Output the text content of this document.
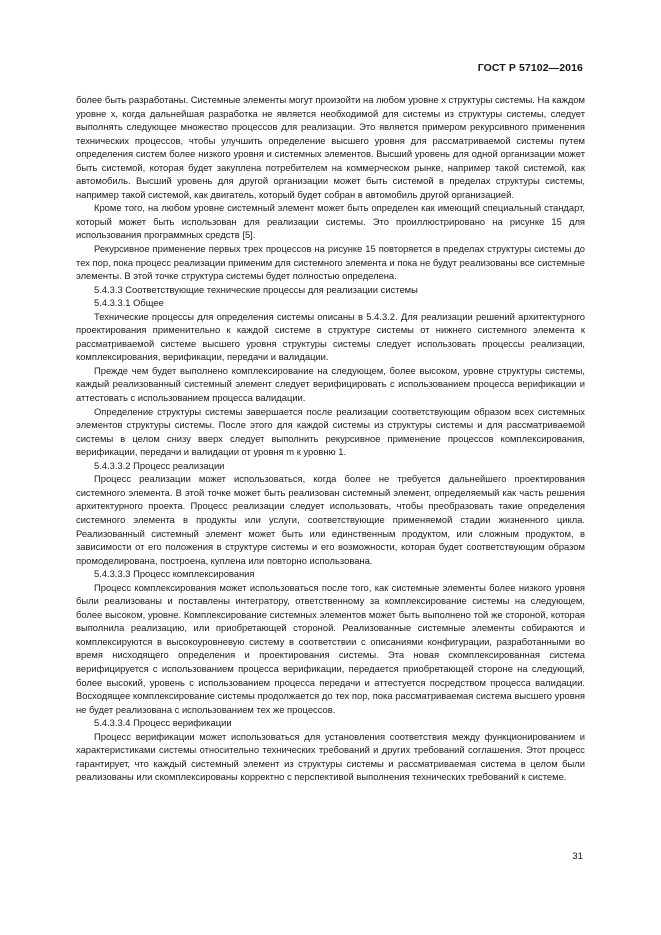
ГОСТ Р 57102—2016

более быть разработаны. Системные элементы могут произойти на любом уровне x структуры системы. На каждом уровне x, когда дальнейшая разработка не является необходимой для системы из структуры системы, следует выполнять следующее множество процессов для реализации. Это является примером рекурсивного применения технических процессов, чтобы улучшить определение высшего уровня для рассматриваемой системы путем определения систем более низкого уровня и системных элементов. Высший уровень для одной организации может быть системой, которая будет закуплена потребителем на коммерческом рынке, например такой системой, как автомобиль. Высший уровень для другой организации может быть системой в пределах структуры системы, например такой системой, как двигатель, который будет собран в автомобиль другой организацией.

Кроме того, на любом уровне системный элемент может быть определен как имеющий специальный стандарт, который может быть использован для реализации системы. Это проиллюстрировано на рисунке 15 для использования программных средств [5].

Рекурсивное применение первых трех процессов на рисунке 15 повторяется в пределах структуры системы до тех пор, пока процесс реализации применим для системного элемента и пока не будут реализованы все системные элементы. В этой точке структура системы будет полностью определена.

5.4.3.3 Соответствующие технические процессы для реализации системы

5.4.3.3.1 Общее

Технические процессы для определения системы описаны в 5.4.3.2. Для реализации решений архитектурного проектирования применительно к каждой системе в структуре системы от нижнего системного элемента к рассматриваемой системе высшего уровня структуры системы следует использовать процессы реализации, комплексирования, верификации, передачи и валидации.

Прежде чем будет выполнено комплексирование на следующем, более высоком, уровне структуры системы, каждый реализованный системный элемент следует верифицировать с использованием процесса верификации и аттестовать с использованием процесса валидации.

Определение структуры системы завершается после реализации соответствующим образом всех системных элементов структуры системы. После этого для каждой системы из структуры системы и для рассматриваемой системы в целом снизу вверх следует выполнить рекурсивное применение процессов комплексирования, верификации, передачи и валидации от уровня m к уровню 1.

5.4.3.3.2 Процесс реализации

Процесс реализации может использоваться, когда более не требуется дальнейшего проектирования системного элемента. В этой точке может быть реализован системный элемент, определяемый как часть решения архитектурного проекта. Процесс реализации следует использовать, чтобы преобразовать такие определения системного элемента в продукты или услуги, соответствующие применяемой стадии жизненного цикла. Реализованный системный элемент может быть или единственным продуктом, или сложным продуктом, в зависимости от его положения в структуре системы и его возможности, которая будет соответствующим образом промоделирована, построена, куплена или повторно использована.

5.4.3.3.3 Процесс комплексирования

Процесс комплексирования может использоваться после того, как системные элементы более низкого уровня были реализованы и поставлены интегратору, ответственному за комплексирование системы на следующем, более высоком, уровне. Комплексирование системных элементов может быть выполнено той же стороной, которая выполнила реализацию, или приобретающей стороной. Реализованные системные элементы собираются и комплексируются в высокоуровневую систему в соответствии с описаниями конфигурации, разработанными во время нисходящего определения и проектирования системы. Эта новая скомплексированная система верифицируется с использованием процесса верификации, передается приобретающей стороне на следующий, более высокий, уровень с использованием процесса передачи и аттестуется посредством процесса валидации. Восходящее комплексирование системы продолжается до тех пор, пока рассматриваемая система высшего уровня не будет реализована с использованием тех же процессов.

5.4.3.3.4 Процесс верификации

Процесс верификации может использоваться для установления соответствия между функционированием и характеристиками системы относительно технических требований и других требований соглашения. Этот процесс гарантирует, что каждый системный элемент из структуры системы и рассматриваемая система в целом были реализованы или скомплексированы корректно с перспективой выполнения технических требований к системе.

31
